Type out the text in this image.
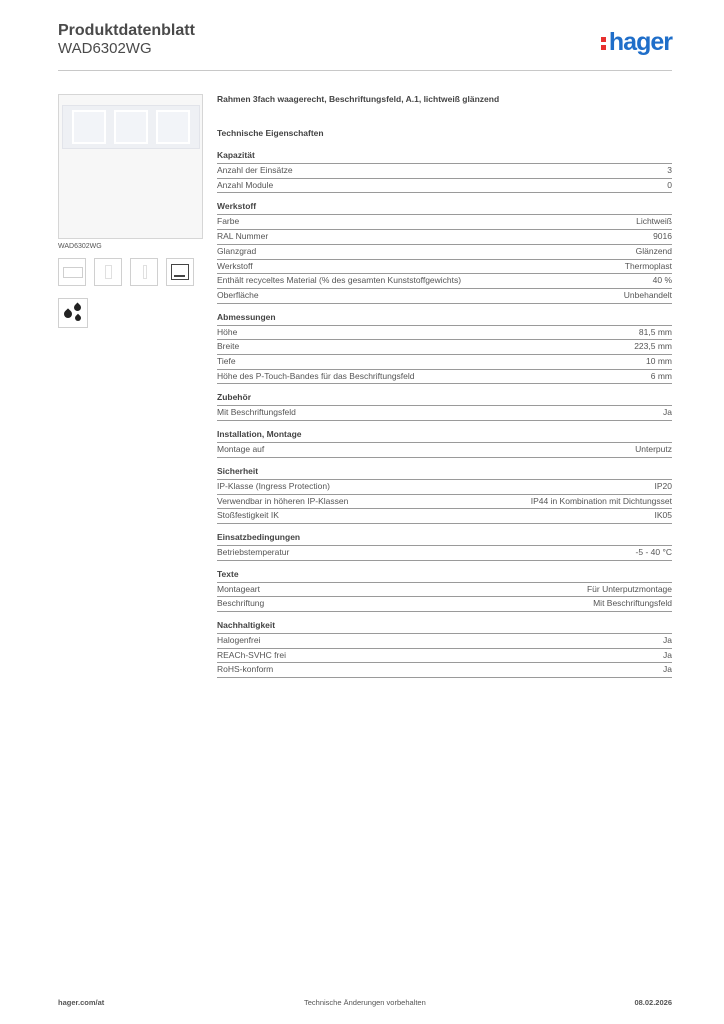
Produktdatenblatt
WAD6302WG	hager
WAD6302WG
Rahmen 3fach waagerecht, Beschriftungsfeld, A.1, lichtweiß glänzend
Technische Eigenschaften
Kapazität
Anzahl der Einsätze	3
Anzahl Module	0
Werkstoff
Farbe	Lichtweiß
RAL Nummer	9016
Glanzgrad	Glänzend
Werkstoff	Thermoplast
Enthält recyceltes Material (% des gesamten Kunststoffgewichts)	40 %
Oberfläche	Unbehandelt
Abmessungen
Höhe	81,5 mm
Breite	223,5 mm
Tiefe	10 mm
Höhe des P-Touch-Bandes für das Beschriftungsfeld	6 mm
Zubehör
Mit Beschriftungsfeld	Ja
Installation, Montage
Montage auf	Unterputz
Sicherheit
IP-Klasse (Ingress Protection)	IP20
Verwendbar in höheren IP-Klassen	IP44 in Kombination mit Dichtungsset
Stoßfestigkeit IK	IK05
Einsatzbedingungen
Betriebstemperatur	-5 - 40 °C
Texte
Montageart	Für Unterputzmontage
Beschriftung	Mit Beschriftungsfeld
Nachhaltigkeit
Halogenfrei	Ja
REACh-SVHC frei	Ja
RoHS-konform	Ja
hager.com/at	Technische Änderungen vorbehalten	08.02.2026
